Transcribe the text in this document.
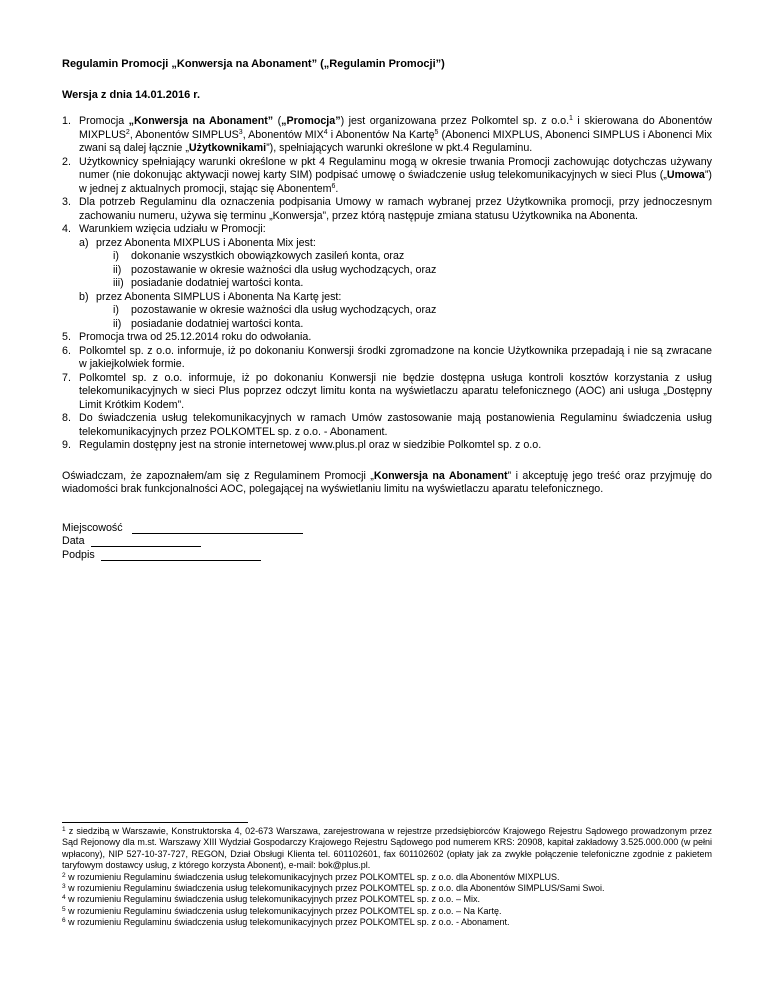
Regulamin Promocji „Konwersja na Abonament” („Regulamin Promocji”)

Wersja z dnia 14.01.2016 r.
1. Promocja „Konwersja na Abonament” („Promocja”) jest organizowana przez Polkomtel sp. z o.o.$^1$ i skierowana do Abonentów MIXPLUS$^2$, Abonentów SIMPLUS$^3$, Abonentów MIX$^4$ i Abonentów Na Kartę$^5$ (Abonenci MIXPLUS, Abonenci SIMPLUS i Abonenci Mix zwani są dalej łącznie „Użytkownikami”), spełniających warunki określone w pkt.4 Regulaminu.
2. Użytkownicy spełniający warunki określone w pkt 4 Regulaminu mogą w okresie trwania Promocji zachowując dotychczas używany numer (nie dokonując aktywacji nowej karty SIM) podpisać umowę o świadczenie usług telekomunikacyjnych w sieci Plus („Umowa”) w jednej z aktualnych promocji, stając się Abonentem$^6$.
3. Dla potrzeb Regulaminu dla oznaczenia podpisania Umowy w ramach wybranej przez Użytkownika promocji, przy jednoczesnym zachowaniu numeru, używa się terminu „Konwersja”, przez którą następuje zmiana statusu Użytkownika na Abonenta.
4. Warunkiem wzięcia udziału w Promocji:
a) przez Abonenta MIXPLUS i Abonenta Mix jest:
i) dokonanie wszystkich obowiązkowych zasileń konta, oraz
ii) pozostawanie w okresie ważności dla usług wychodzących, oraz
iii) posiadanie dodatniej wartości konta.
b) przez Abonenta SIMPLUS i Abonenta Na Kartę jest:
i) pozostawanie w okresie ważności dla usług wychodzących, oraz
ii) posiadanie dodatniej wartości konta.
5. Promocja trwa od 25.12.2014 roku do odwołania.
6. Polkomtel sp. z o.o. informuje, iż po dokonaniu Konwersji środki zgromadzone na koncie Użytkownika przepadają i nie są zwracane w jakiejkolwiek formie.
7. Polkomtel sp. z o.o. informuje, iż po dokonaniu Konwersji nie będzie dostępna usługa kontroli kosztów korzystania z usług telekomunikacyjnych w sieci Plus poprzez odczyt limitu konta na wyświetlaczu aparatu telefonicznego (AOC) ani usługa „Dostępny Limit Krótkim Kodem”.
8. Do świadczenia usług telekomunikacyjnych w ramach Umów zastosowanie mają postanowienia Regulaminu świadczenia usług telekomunikacyjnych przez POLKOMTEL sp. z o.o. - Abonament.
9. Regulamin dostępny jest na stronie internetowej www.plus.pl oraz w siedzibie Polkomtel sp. z o.o.
Oświadczam, że zapoznałem/am się z Regulaminem Promocji „Konwersja na Abonament” i akceptuję jego treść oraz przyjmuję do wiadomości brak funkcjonalności AOC, polegającej na wyświetlaniu limitu na wyświetlaczu aparatu telefonicznego.
Miejscowość
Data
Podpis
$^1$ z siedzibą w Warszawie, Konstruktorska 4, 02-673 Warszawa, zarejestrowana w rejestrze przedsiębiorców Krajowego Rejestru Sądowego prowadzonym przez Sąd Rejonowy dla m.st. Warszawy XIII Wydział Gospodarczy Krajowego Rejestru Sądowego pod numerem KRS: 20908, kapitał zakładowy 3.525.000.000 (w pełni wpłacony), NIP 527-10-37-727, REGON, Dział Obsługi Klienta tel. 601102601, fax 601102602 (opłaty jak za zwykłe połączenie telefoniczne zgodnie z pakietem taryfowym dostawcy usług, z którego korzysta Abonent), e-mail: bok@plus.pl.
$^2$ w rozumieniu Regulaminu świadczenia usług telekomunikacyjnych przez POLKOMTEL sp. z o.o. dla Abonentów MIXPLUS.
$^3$ w rozumieniu Regulaminu świadczenia usług telekomunikacyjnych przez POLKOMTEL sp. z o.o. dla Abonentów SIMPLUS/Sami Swoi.
$^4$ w rozumieniu Regulaminu świadczenia usług telekomunikacyjnych przez POLKOMTEL sp. z o.o. – Mix.
$^5$ w rozumieniu Regulaminu świadczenia usług telekomunikacyjnych przez POLKOMTEL sp. z o.o. – Na Kartę.
$^6$ w rozumieniu Regulaminu świadczenia usług telekomunikacyjnych przez POLKOMTEL sp. z o.o. - Abonament.
